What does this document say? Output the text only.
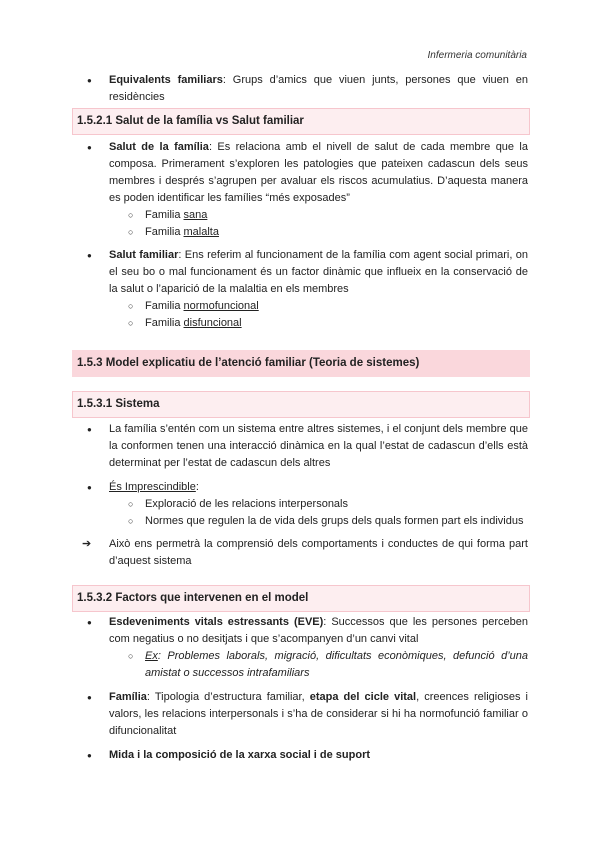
Infermeria comunitària
● Equivalents familiars: Grups d’amics que viuen junts, persones que viuen en residències
1.5.2.1 Salut de la família vs Salut familiar
● Salut de la família: Es relaciona amb el nivell de salut de cada membre que la composa. Primerament s’exploren les patologies que pateixen cadascun dels seus membres i després s’agrupen per avaluar els riscos acumulatius. D’aquesta manera es poden identificar les famílies “més exposades”
○ Familia sana
○ Familia malalta
● Salut familiar: Ens referim al funcionament de la família com agent social primari, on el seu bo o mal funcionament és un factor dinàmic que influeix en la conservació de la salut o l’aparició de la malaltia en els membres
○ Familia normofuncional
○ Familia disfuncional
1.5.3 Model explicatiu de l’atenció familiar (Teoria de sistemes)
1.5.3.1 Sistema
● La família s’entén com un sistema entre altres sistemes, i el conjunt dels membre que la conformen tenen una interacció dinàmica en la qual l’estat de cadascun d’ells està determinat per l’estat de cadascun dels altres
● És Imprescindible:
○ Exploració de les relacions interpersonals
○ Normes que regulen la de vida dels grups dels quals formen part els individus
➔ Això ens permetrà la comprensió dels comportaments i conductes de qui forma part d’aquest sistema
1.5.3.2 Factors que intervenen en el model
● Esdeveniments vitals estressants (EVE): Successos que les persones perceben com negatius o no desitjats i que s’acompanyen d’un canvi vital
○ Ex: Problemes laborals, migració, dificultats econòmiques, defunció d’una amistat o successos intrafamiliars
● Família: Tipologia d’estructura familiar, etapa del cicle vital, creences religioses i valors, les relacions interpersonals i s’ha de considerar si hi ha normofunció familiar o difuncionalitat
● Mida i la composició de la xarxa social i de suport
